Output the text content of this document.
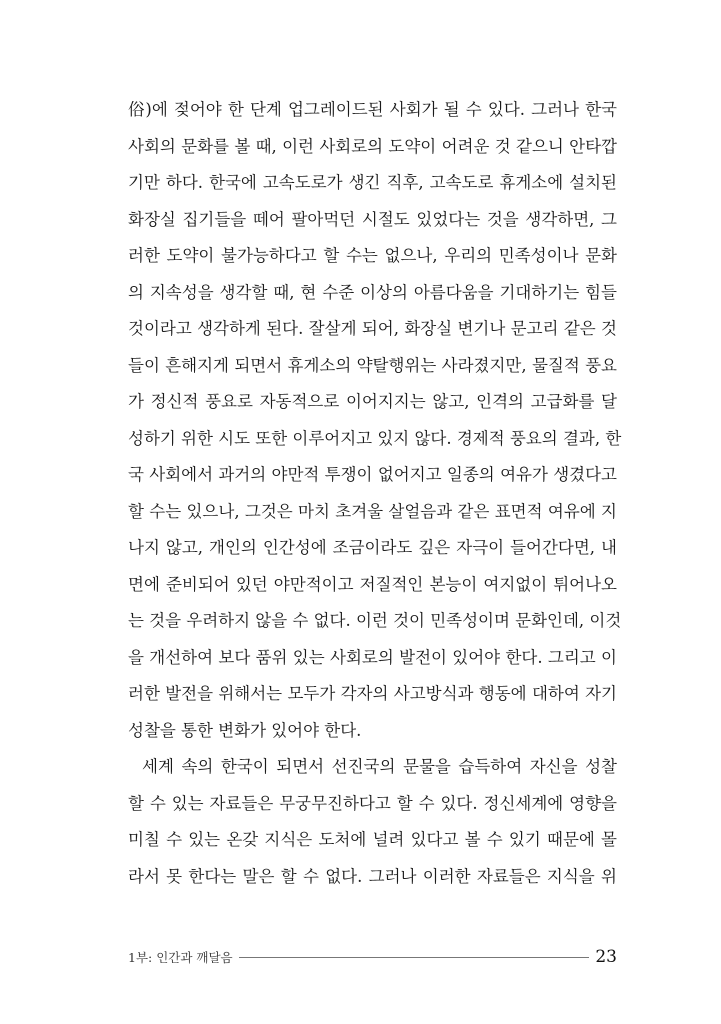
俗)에 젖어야 한 단계 업그레이드된 사회가 될 수 있다. 그러나 한국
사회의 문화를 볼 때, 이런 사회로의 도약이 어려운 것 같으니 안타깝
기만 하다. 한국에 고속도로가 생긴 직후, 고속도로 휴게소에 설치된
화장실 집기들을 떼어 팔아먹던 시절도 있었다는 것을 생각하면, 그
러한 도약이 불가능하다고 할 수는 없으나, 우리의 민족성이나 문화
의 지속성을 생각할 때, 현 수준 이상의 아름다움을 기대하기는 힘들
것이라고 생각하게 된다. 잘살게 되어, 화장실 변기나 문고리 같은 것
들이 흔해지게 되면서 휴게소의 약탈행위는 사라졌지만, 물질적 풍요
가 정신적 풍요로 자동적으로 이어지지는 않고, 인격의 고급화를 달
성하기 위한 시도 또한 이루어지고 있지 않다. 경제적 풍요의 결과, 한
국 사회에서 과거의 야만적 투쟁이 없어지고 일종의 여유가 생겼다고
할 수는 있으나, 그것은 마치 초겨울 살얼음과 같은 표면적 여유에 지
나지 않고, 개인의 인간성에 조금이라도 깊은 자극이 들어간다면, 내
면에 준비되어 있던 야만적이고 저질적인 본능이 여지없이 튀어나오
는 것을 우려하지 않을 수 없다. 이런 것이 민족성이며 문화인데, 이것
을 개선하여 보다 품위 있는 사회로의 발전이 있어야 한다. 그리고 이
러한 발전을 위해서는 모두가 각자의 사고방식과 행동에 대하여 자기
성찰을 통한 변화가 있어야 한다.
세계 속의 한국이 되면서 선진국의 문물을 습득하여 자신을 성찰
할 수 있는 자료들은 무궁무진하다고 할 수 있다. 정신세계에 영향을
미칠 수 있는 온갖 지식은 도처에 널려 있다고 볼 수 있기 때문에 몰
라서 못 한다는 말은 할 수 없다. 그러나 이러한 자료들은 지식을 위
1부: 인간과 깨달음	23
